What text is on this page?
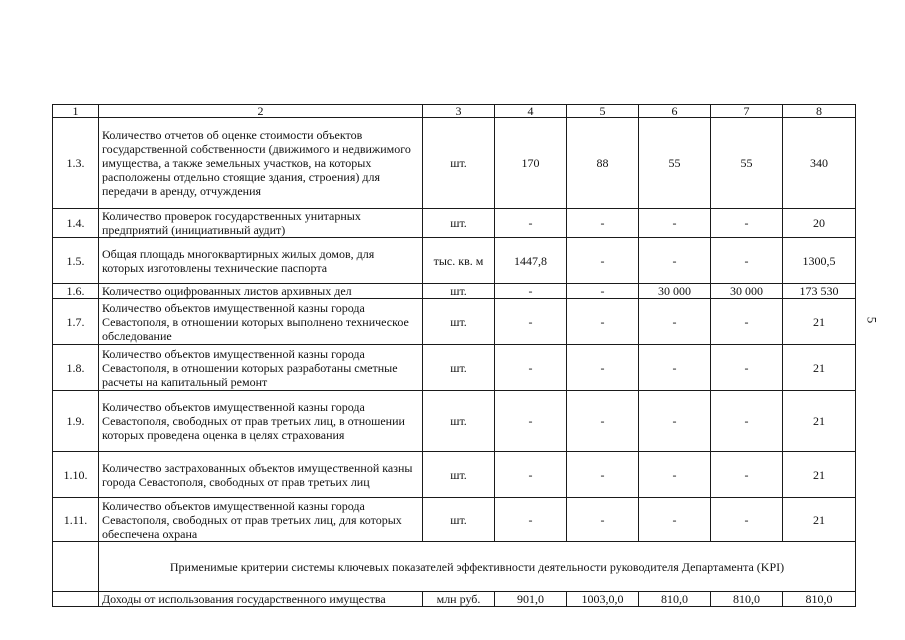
1	2	3	4	5	6	7	8
1.3.	Количество отчетов об оценке стоимости объектов государственной собственности (движимого и недвижимого имущества, а также земельных участков, на которых расположены отдельно стоящие здания, строения) для передачи в аренду, отчуждения	шт.	170	88	55	55	340
1.4.	Количество проверок государственных унитарных предприятий (инициативный аудит)	шт.	-	-	-	-	20
1.5.	Общая площадь многоквартирных жилых домов, для которых изготовлены технические паспорта	тыс. кв. м	1447,8	-	-	-	1300,5
1.6.	Количество оцифрованных листов архивных дел	шт.	-	-	30 000	30 000	173 530
1.7.	Количество объектов имущественной казны города Севастополя, в отношении которых выполнено техническое обследование	шт.	-	-	-	-	21
1.8.	Количество объектов имущественной казны города Севастополя, в отношении которых разработаны сметные расчеты на капитальный ремонт	шт.	-	-	-	-	21
1.9.	Количество объектов имущественной казны города Севастополя, свободных от прав третьих лиц, в отношении которых проведена оценка в целях страхования	шт.	-	-	-	-	21
1.10.	Количество застрахованных объектов имущественной казны города Севастополя, свободных от прав третьих лиц	шт.	-	-	-	-	21
1.11.	Количество объектов имущественной казны города Севастополя, свободных от прав третьих лиц, для которых обеспечена охрана	шт.	-	-	-	-	21
	Применимые критерии системы ключевых показателей эффективности деятельности руководителя Департамента (KPI)						
	Доходы от использования государственного имущества	млн руб.	901,0	1003,0,0	810,0	810,0	810,0
5
